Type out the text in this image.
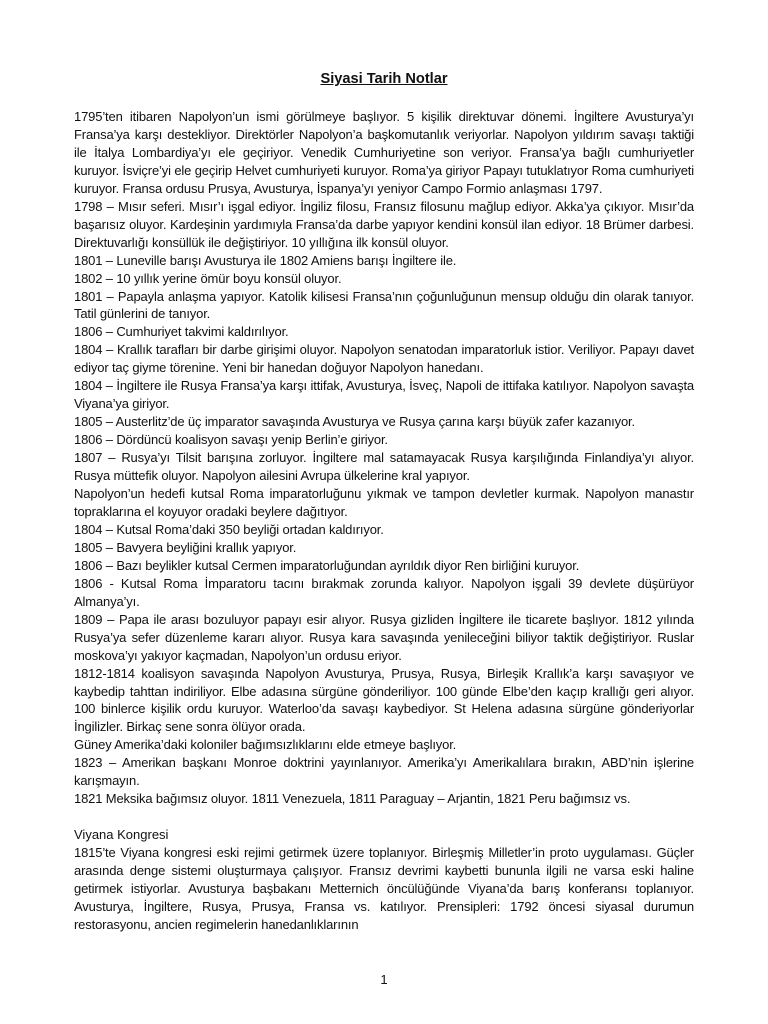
Siyasi Tarih Notlar

1795’ten itibaren Napolyon’un ismi görülmeye başlıyor. 5 kişilik direktuvar dönemi. İngiltere Avusturya’yı Fransa’ya karşı destekliyor. Direktörler Napolyon’a başkomutanlık veriyorlar. Napolyon yıldırım savaşı taktiği ile İtalya Lombardiya’yı ele geçiriyor. Venedik Cumhuriyetine son veriyor. Fransa’ya bağlı cumhuriyetler kuruyor. İsviçre’yi ele geçirip Helvet cumhuriyeti kuruyor. Roma’ya giriyor Papayı tutuklatıyor Roma cumhuriyeti kuruyor. Fransa ordusu Prusya, Avusturya, İspanya’yı yeniyor Campo Formio anlaşması 1797.

1798 – Mısır seferi. Mısır’ı işgal ediyor. İngiliz filosu, Fransız filosunu mağlup ediyor. Akka’ya çıkıyor. Mısır’da başarısız oluyor. Kardeşinin yardımıyla Fransa’da darbe yapıyor kendini konsül ilan ediyor. 18 Brümer darbesi. Direktuvarlığı konsüllük ile değiştiriyor. 10 yıllığına ilk konsül oluyor.

1801 – Luneville barışı Avusturya ile 1802 Amiens barışı İngiltere ile.

1802 – 10 yıllık yerine ömür boyu konsül oluyor.

1801 – Papayla anlaşma yapıyor. Katolik kilisesi Fransa’nın çoğunluğunun mensup olduğu din olarak tanıyor. Tatil günlerini de tanıyor.

1806 – Cumhuriyet takvimi kaldırılıyor.

1804 – Krallık tarafları bir darbe girişimi oluyor. Napolyon senatodan imparatorluk istior. Veriliyor. Papayı davet ediyor taç giyme törenine. Yeni bir hanedan doğuyor Napolyon hanedanı.

1804 – İngiltere ile Rusya Fransa’ya karşı ittifak, Avusturya, İsveç, Napoli de ittifaka katılıyor. Napolyon savaşta Viyana’ya giriyor.

1805 – Austerlitz’de üç imparator savaşında Avusturya ve Rusya çarına karşı büyük zafer kazanıyor.

1806 – Dördüncü koalisyon savaşı yenip Berlin’e giriyor.

1807 – Rusya’yı Tilsit barışına zorluyor. İngiltere mal satamayacak Rusya karşılığında Finlandiya’yı alıyor. Rusya müttefik oluyor. Napolyon ailesini Avrupa ülkelerine kral yapıyor.

Napolyon’un hedefi kutsal Roma imparatorluğunu yıkmak ve tampon devletler kurmak. Napolyon manastır topraklarına el koyuyor oradaki beylere dağıtıyor.

1804 – Kutsal Roma’daki 350 beyliği ortadan kaldırıyor.

1805 – Bavyera beyliğini krallık yapıyor.

1806 – Bazı beylikler kutsal Cermen imparatorluğundan ayrıldık diyor Ren birliğini kuruyor.

1806 - Kutsal Roma İmparatoru tacını bırakmak zorunda kalıyor. Napolyon işgali 39 devlete düşürüyor Almanya’yı.

1809 – Papa ile arası bozuluyor papayı esir alıyor. Rusya gizliden İngiltere ile ticarete başlıyor. 1812 yılında Rusya’ya sefer düzenleme kararı alıyor. Rusya kara savaşında yenileceğini biliyor taktik değiştiriyor. Ruslar moskova’yı yakıyor kaçmadan, Napolyon’un ordusu eriyor.

1812-1814 koalisyon savaşında Napolyon Avusturya, Prusya, Rusya, Birleşik Krallık’a karşı savaşıyor ve kaybedip tahttan indiriliyor. Elbe adasına sürgüne gönderiliyor. 100 günde Elbe’den kaçıp krallığı geri alıyor. 100 binlerce kişilik ordu kuruyor. Waterloo’da savaşı kaybediyor. St Helena adasına sürgüne gönderiyorlar İngilizler. Birkaç sene sonra ölüyor orada.

Güney Amerika’daki koloniler bağımsızlıklarını elde etmeye başlıyor.

1823 – Amerikan başkanı Monroe doktrini yayınlanıyor. Amerika’yı Amerikalılara bırakın, ABD’nin işlerine karışmayın.

1821 Meksika bağımsız oluyor. 1811 Venezuela, 1811 Paraguay – Arjantin, 1821 Peru bağımsız vs.

Viyana Kongresi

1815’te Viyana kongresi eski rejimi getirmek üzere toplanıyor. Birleşmiş Milletler’in proto uygulaması. Güçler arasında denge sistemi oluşturmaya çalışıyor. Fransız devrimi kaybetti bununla ilgili ne varsa eski haline getirmek istiyorlar. Avusturya başbakanı Metternich öncülüğünde Viyana’da barış konferansı toplanıyor. Avusturya, İngiltere, Rusya, Prusya, Fransa vs. katılıyor. Prensipleri: 1792 öncesi siyasal durumun restorasyonu, ancien regimelerin hanedanlıklarının

1
